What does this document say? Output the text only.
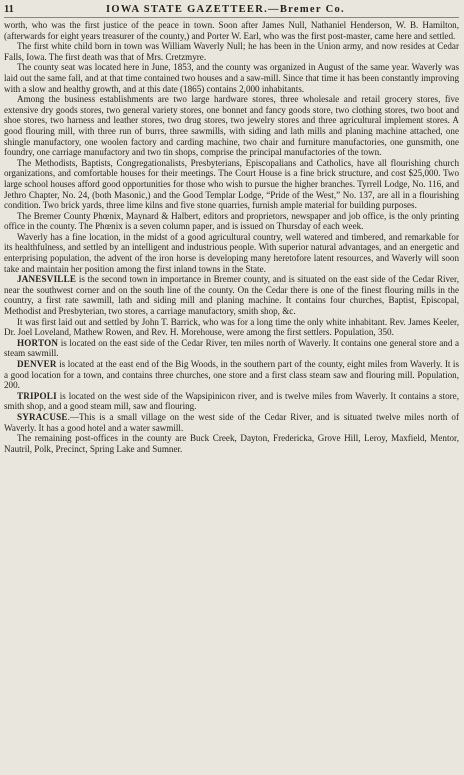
11	IOWA STATE GAZETTEER.—Bremer Co.

worth, who was the first justice of the peace in town. Soon after James Null, Nathaniel Henderson, W. B. Hamilton, (afterwards for eight years treasurer of the county,) and Porter W. Earl, who was the first post-master, came here and settled.

The first white child born in town was William Waverly Null; he has been in the Union army, and now resides at Cedar Falls, Iowa. The first death was that of Mrs. Cretzmyre.

The county seat was located here in June, 1853, and the county was organized in August of the same year. Waverly was laid out the same fall, and at that time contained two houses and a saw-mill. Since that time it has been constantly improving with a slow and healthy growth, and at this date (1865) contains 2,000 inhabitants.

Among the business establishments are two large hardware stores, three wholesale and retail grocery stores, five extensive dry goods stores, two general variety stores, one bonnet and fancy goods store, two clothing stores, two boot and shoe stores, two harness and leather stores, two drug stores, two jewelry stores and three agricultural implement stores. A good flouring mill, with three run of burrs, three sawmills, with siding and lath mills and planing machine attached, one shingle manufactory, one woolen factory and carding machine, two chair and furniture manufactories, one gunsmith, one foundry, one carriage manufactory and two tin shops, comprise the principal manufactories of the town.

The Methodists, Baptists, Congregationalists, Presbyterians, Episcopalians and Catholics, have all flourishing church organizations, and comfortable houses for their meetings. The Court House is a fine brick structure, and cost $25,000. Two large school houses afford good opportunities for those who wish to pursue the higher branches. Tyrrell Lodge, No. 116, and Jethro Chapter, No. 24, (both Masonic,) and the Good Templar Lodge, “Pride of the West,” No. 137, are all in a flourishing condition. Two brick yards, three lime kilns and five stone quarries, furnish ample material for building purposes.

The Bremer County Phœnix, Maynard & Halbert, editors and proprietors, newspaper and job office, is the only printing office in the county. The Phœnix is a seven column paper, and is issued on Thursday of each week.

Waverly has a fine location, in the midst of a good agricultural country, well watered and timbered, and remarkable for its healthfulness, and settled by an intelligent and industrious people. With superior natural advantages, and an energetic and enterprising population, the advent of the iron horse is developing many heretofore latent resources, and Waverly will soon take and maintain her position among the first inland towns in the State.

JANESVILLE is the second town in importance in Bremer county, and is situated on the east side of the Cedar River, near the southwest corner and on the south line of the county. On the Cedar there is one of the finest flouring mills in the country, a first rate sawmill, lath and siding mill and planing machine. It contains four churches, Baptist, Episcopal, Methodist and Presbyterian, two stores, a carriage manufactory, smith shop, &c.

It was first laid out and settled by John T. Barrick, who was for a long time the only white inhabitant. Rev. James Keeler, Dr. Joel Loveland, Mathew Rowen, and Rev. H. Morehouse, were among the first settlers. Population, 350.

HORTON is located on the east side of the Cedar River, ten miles north of Waverly. It contains one general store and a steam sawmill.

DENVER is located at the east end of the Big Woods, in the southern part of the county, eight miles from Waverly. It is a good location for a town, and contains three churches, one store and a first class steam saw and flouring mill. Population, 200.

TRIPOLI is located on the west side of the Wapsipinicon river, and is twelve miles from Waverly. It contains a store, smith shop, and a good steam mill, saw and flouring.

SYRACUSE.—This is a small village on the west side of the Cedar River, and is situated twelve miles north of Waverly. It has a good hotel and a water sawmill.

The remaining post-offices in the county are Buck Creek, Dayton, Fredericka, Grove Hill, Leroy, Maxfield, Mentor, Nautril, Polk, Precinct, Spring Lake and Sumner.
